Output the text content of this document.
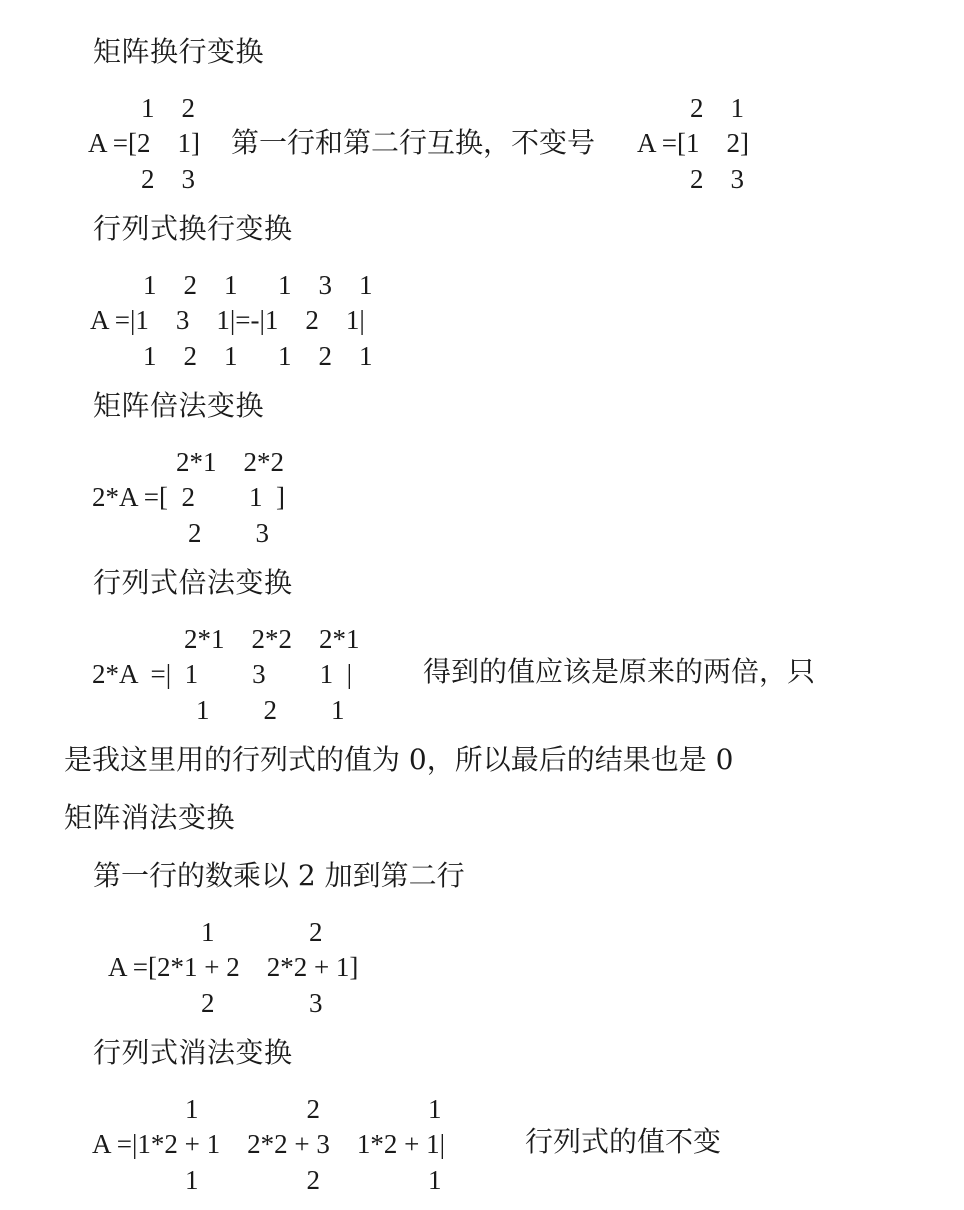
矩阵换行变换
1    2
A =[2    1]
2    3
第一行和第二行互换，不变号
2    1
A =[1    2]
2    3
行列式换行变换
1    2    1      1    3    1
A =|1    3    1|=-|1    2    1|
1    2    1      1    2    1
矩阵倍法变换
2*1    2*2
2*A =[  2        1  ]
2        3
行列式倍法变换
2*1    2*2    2*1
2*A  =|  1        3        1  |	得到的值应该是原来的两倍，只
1        2        1
是我这里用的行列式的值为 0，所以最后的结果也是 0
矩阵消法变换
第一行的数乘以 2 加到第二行
1              2
A =[2*1 + 2    2*2 + 1]
2              3
行列式消法变换
1                2                1
A =|1*2 + 1    2*2 + 3    1*2 + 1|	行列式的值不变
1                2                1
